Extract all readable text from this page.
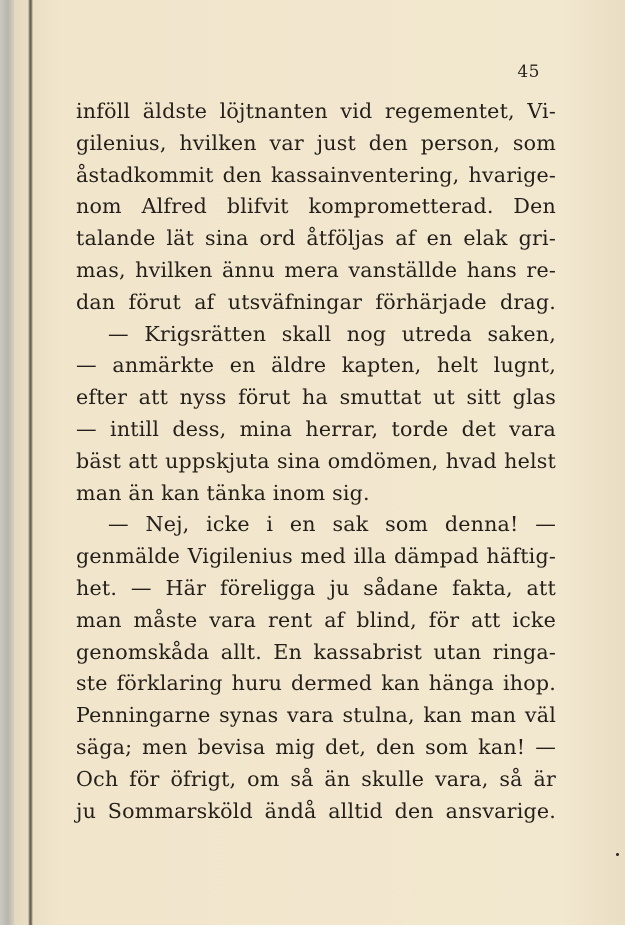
45
inföll äldste löjtnanten vid regementet, Vi-
gilenius, hvilken var just den person, som
åstadkommit den kassainventering, hvarige-
nom Alfred blifvit komprometterad. Den
talande lät sina ord åtföljas af en elak gri-
mas, hvilken ännu mera vanställde hans re-
dan förut af utsväfningar förhärjade drag.
— Krigsrätten skall nog utreda saken,
— anmärkte en äldre kapten, helt lugnt,
efter att nyss förut ha smuttat ut sitt glas
— intill dess, mina herrar, torde det vara
bäst att uppskjuta sina omdömen, hvad helst
man än kan tänka inom sig.
— Nej, icke i en sak som denna! —
genmälde Vigilenius med illa dämpad häftig-
het. — Här föreligga ju sådane fakta, att
man måste vara rent af blind, för att icke
genomskåda allt. En kassabrist utan ringa-
ste förklaring huru dermed kan hänga ihop.
Penningarne synas vara stulna, kan man väl
säga; men bevisa mig det, den som kan! —
Och för öfrigt, om så än skulle vara, så är
ju Sommarsköld ändå alltid den ansvarige.
